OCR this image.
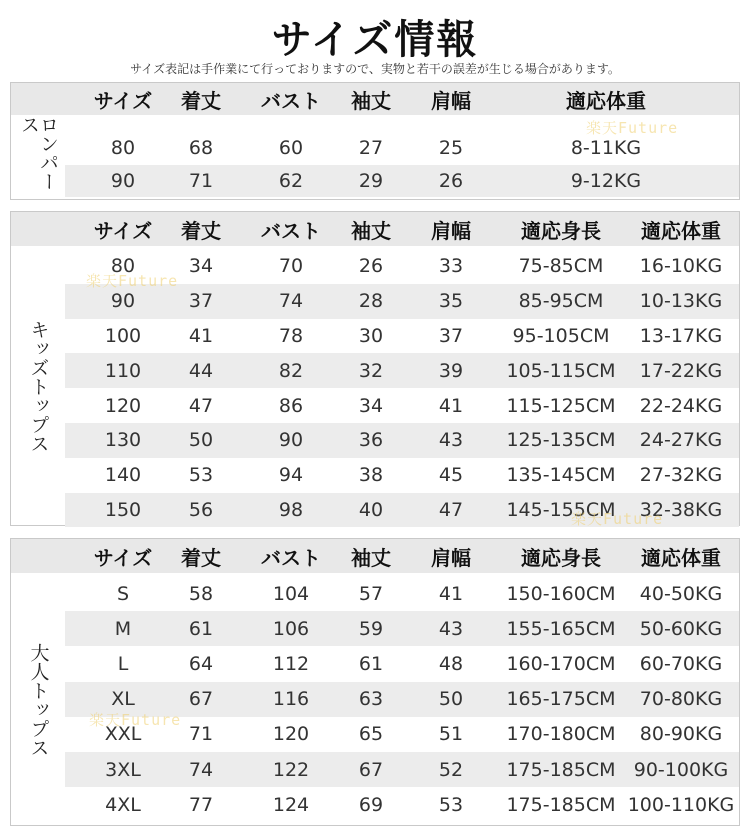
サイズ情報
サイズ表記は手作業にて行っておりますので、実物と若干の誤差が生じる場合があります。
サイズ	着丈	バスト	袖丈	肩幅	適応体重
ロンパース
80	68	60	27	25	8-11KG
90	71	62	29	26	9-12KG
楽天Future
サイズ	着丈	バスト	袖丈	肩幅	適応身長	適応体重
キッズトップス
80	34	70	26	33	75-85CM	16-10KG
90	37	74	28	35	85-95CM	10-13KG
100	41	78	30	37	95-105CM	13-17KG
110	44	82	32	39	105-115CM	17-22KG
120	47	86	34	41	115-125CM	22-24KG
130	50	90	36	43	125-135CM	24-27KG
140	53	94	38	45	135-145CM	27-32KG
150	56	98	40	47	145-155CM	32-38KG
楽天Future
楽天Future
サイズ	着丈	バスト	袖丈	肩幅	適応身長	適応体重
大人トップス
S	58	104	57	41	150-160CM	40-50KG
M	61	106	59	43	155-165CM	50-60KG
L	64	112	61	48	160-170CM	60-70KG
XL	67	116	63	50	165-175CM	70-80KG
XXL	71	120	65	51	170-180CM	80-90KG
3XL	74	122	67	52	175-185CM 90-100KG
4XL	77	124	69	53	175-185CM 100-110KG
楽天Future
